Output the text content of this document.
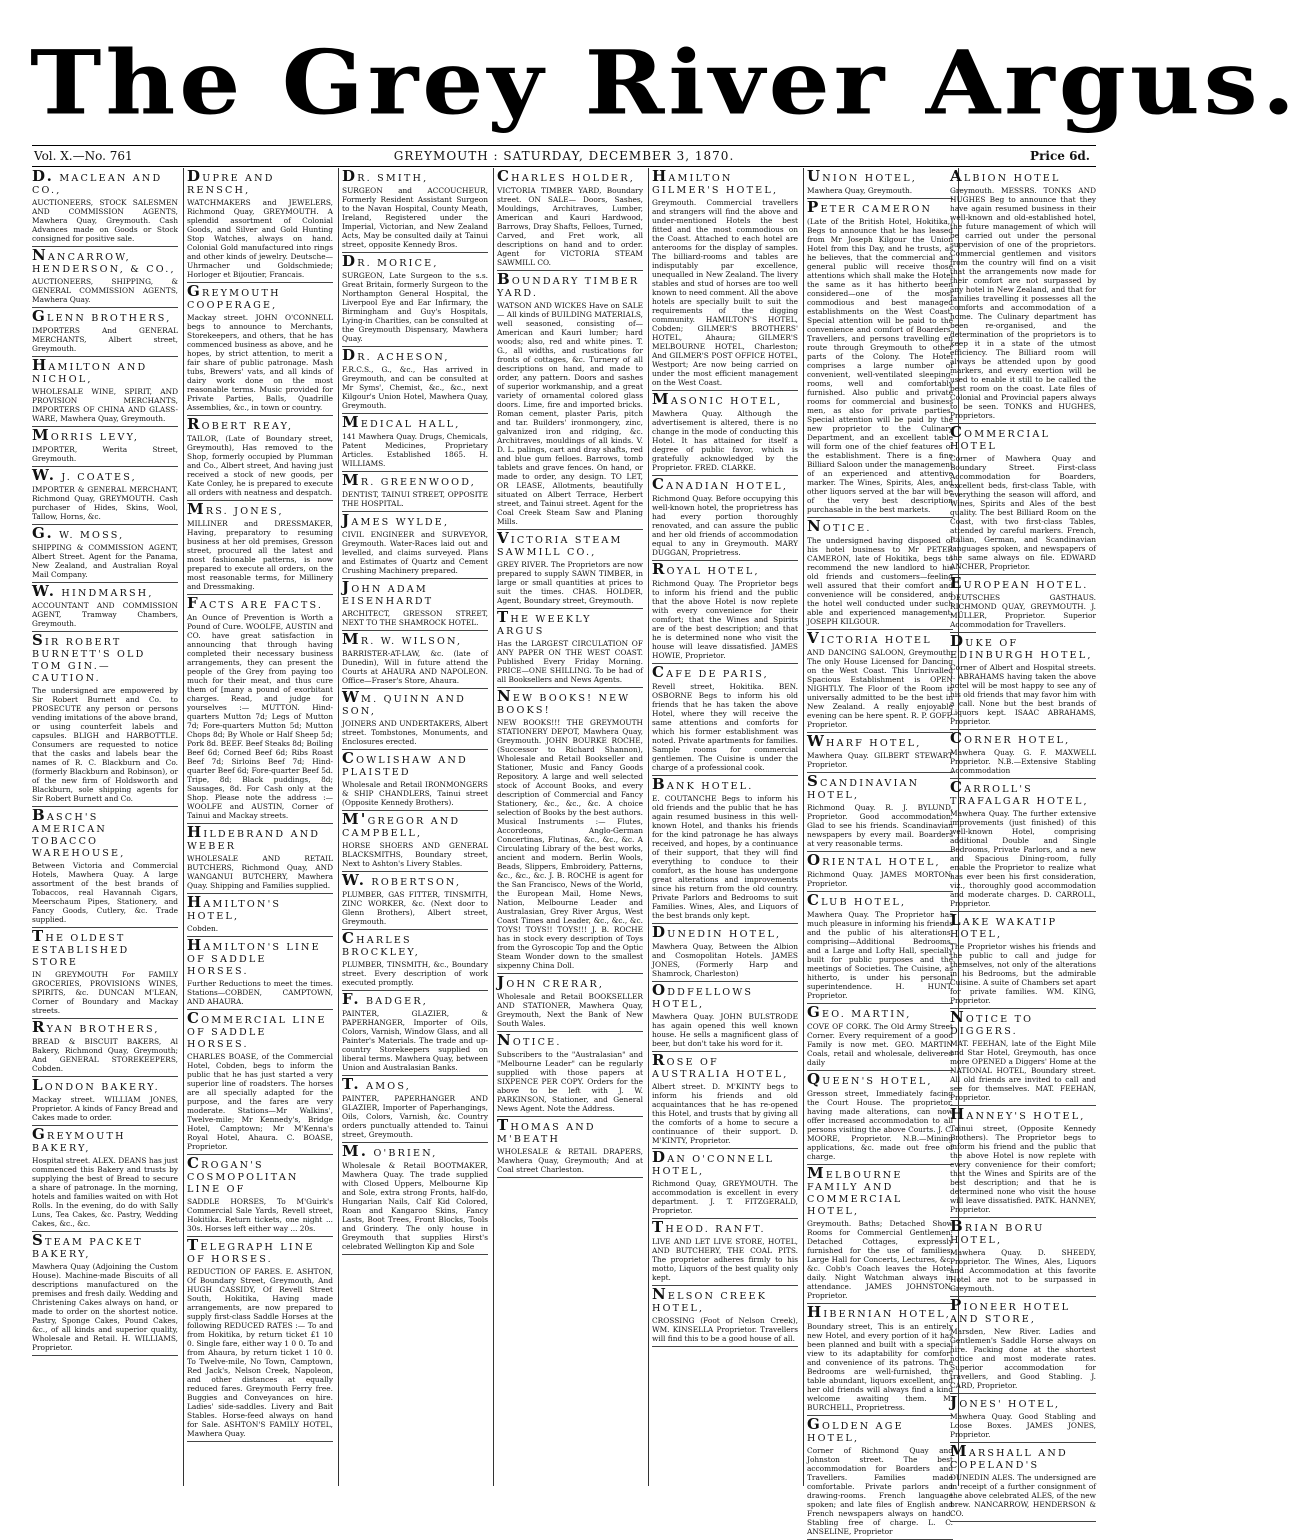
The Grey River Argus.
Vol. X.—No. 761	GREYMOUTH : SATURDAY, DECEMBER 3, 1870.	Price 6d.
D. MACLEAN AND CO.,
AUCTIONEERS, STOCK SALESMEN AND COMMISSION AGENTS, Mawhera Quay, Greymouth. Cash Advances made on Goods or Stock consigned for positive sale.
NANCARROW, HENDERSON, & CO.,
AUCTIONEERS, SHIPPING, & GENERAL COMMISSION AGENTS, Mawhera Quay.
GLENN BROTHERS,
IMPORTERS And GENERAL MERCHANTS, Albert street, Greymouth.
HAMILTON AND NICHOL,
WHOLESALE WINE, SPIRIT, AND PROVISION MERCHANTS, IMPORTERS OF CHINA AND GLASS-WARE, Mawhera Quay, Greymouth.
MORRIS LEVY,
IMPORTER, Werita Street, Greymouth.
W. J. COATES,
IMPORTER & GENERAL MERCHANT, Richmond Quay, GREYMOUTH. Cash purchaser of Hides, Skins, Wool, Tallow, Horns, &c.
G. W. MOSS,
SHIPPING & COMMISSION AGENT, Albert Street. Agent for the Panama, New Zealand, and Australian Royal Mail Company.
W. HINDMARSH,
ACCOUNTANT AND COMMISSION AGENT, Tramway Chambers, Greymouth.
SIR ROBERT BURNETT'S OLD TOM GIN.—CAUTION.
The undersigned are empowered by Sir Robert Burnett and Co. to PROSECUTE any person or persons vending imitations of the above brand, or using counterfeit labels and capsules. BLIGH and HARBOTTLE. Consumers are requested to notice that the casks and labels bear the names of R. C. Blackburn and Co. (formerly Blackburn and Robinson), or of the new firm of Holdsworth and Blackburn, sole shipping agents for Sir Robert Burnett and Co.
BASCH'S AMERICAN TOBACCO WAREHOUSE,
Between Victoria and Commercial Hotels, Mawhera Quay. A large assortment of the best brands of Tobaccos, real Havannah Cigars, Meerschaum Pipes, Stationery, and Fancy Goods, Cutlery, &c. Trade supplied.
THE OLDEST ESTABLISHED STORE
IN GREYMOUTH For FAMILY GROCERIES, PROVISIONS WINES, SPIRITS, &c. DUNCAN M'LEAN, Corner of Boundary and Mackay streets.
RYAN BROTHERS,
BREAD & BISCUIT BAKERS, Al Bakery, Richmond Quay, Greymouth; And GENERAL STOREKEEPERS, Cobden.
LONDON BAKERY.
Mackay street. WILLIAM JONES, Proprietor. A kinds of Fancy Bread and Cakes made to order.
GREYMOUTH BAKERY,
Hospital street. ALEX. DEANS has just commenced this Bakery and trusts by supplying the best of Bread to secure a share of patronage. In the morning, hotels and families waited on with Hot Rolls. In the evening, do do with Sally Luns, Tea Cakes, &c. Pastry, Wedding Cakes, &c., &c.
STEAM PACKET BAKERY,
Mawhera Quay (Adjoining the Custom House). Machine-made Biscuits of all descriptions manufactured on the premises and fresh daily. Wedding and Christening Cakes always on hand, or made to order on the shortest notice. Pastry, Sponge Cakes, Pound Cakes, &c., of all kinds and superior quality, Wholesale and Retail. H. WILLIAMS, Proprietor.
DUPRE AND RENSCH,
WATCHMAKERS and JEWELERS, Richmond Quay, GREYMOUTH. A splendid assortment of Colonial Goods, and Silver and Gold Hunting Stop Watches, always on hand. Colonial Gold manufactured into rings and other kinds of jewelry. Deutsche—Uhrmacher und Goldschmiede; Horloger et Bijoutier, Francais.
GREYMOUTH COOPERAGE,
Mackay street. JOHN O'CONNELL begs to announce to Merchants, Storekeepers, and others, that he has commenced business as above, and he hopes, by strict attention, to merit a fair share of public patronage. Mash tubs, Brewers' vats, and all kinds of dairy work done on the most reasonable terms. Music provided for Private Parties, Balls, Quadrille Assemblies, &c., in town or country.
ROBERT REAY,
TAILOR, (Late of Boundary street, Greymouth), Has removed to the Shop, formerly occupied by Plumman and Co., Albert street, And having just received a stock of new goods, per Kate Conley, he is prepared to execute all orders with neatness and despatch.
MRS. JONES,
MILLINER and DRESSMAKER, Having, preparatory to resuming business at her old premises, Gresson street, procured all the latest and most fashionable patterns, is now prepared to execute all orders, on the most reasonable terms, for Millinery and Dressmaking.
FACTS ARE FACTS.
An Ounce of Prevention is Worth a Pound of Cure. WOOLFE, AUSTIN and CO. have great satisfaction in announcing that through having completed their necessary business arrangements, they can present the people of the Grey from paying too much for their meat, and thus cure them of [many a pound of exorbitant charges. Read, and judge for yourselves :— MUTTON. Hind-quarters Mutton 7d; Legs of Mutton 7d; Fore-quarters Mutton 5d; Mutton Chops 8d; By Whole or Half Sheep 5d; Pork 8d. BEEF. Beef Steaks 8d; Boiling Beef 6d; Corned Beef 6d; Ribs Roast Beef 7d; Sirloins Beef 7d; Hind-quarter Beef 6d; Fore-quarter Beef 5d. Tripe, 8d; Black puddings, 8d; Sausages, 8d. For Cash only at the Shop. Please note the address :— WOOLFE and AUSTIN, Corner of Tainui and Mackay streets.
HILDEBRAND AND WEBER
WHOLESALE AND RETAIL BUTCHERS, Richmond Quay, AND WANGANUI BUTCHERY, Mawhera Quay. Shipping and Families supplied.
HAMILTON'S HOTEL,
Cobden.
HAMILTON'S LINE OF SADDLE HORSES.
Further Reductions to meet the times. Stations—COBDEN, CAMPTOWN, AND AHAURA.
COMMERCIAL LINE OF SADDLE HORSES.
CHARLES BOASE, of the Commercial Hotel, Cobden, begs to inform the public that he has just started a very superior line of roadsters. The horses are all specially adapted for the purpose, and the fares are very moderate. Stations—Mr Walkins', Twelve-mile; Mr Kennedy's, Bridge Hotel, Camptown; Mr M'Kenna's Royal Hotel, Ahaura. C. BOASE, Proprietor.
CROGAN'S COSMOPOLITAN LINE OF
SADDLE HORSES, To M'Guirk's Commercial Sale Yards, Revell street, Hokitika. Return tickets, one night ... 30s. Horses left either way ... 20s.
TELEGRAPH LINE OF HORSES.
REDUCTION OF FARES. E. ASHTON, Of Boundary Street, Greymouth, And HUGH CASSIDY, Of Revell Street South, Hokitika, Having made arrangements, are now prepared to supply first-class Saddle Horses at the following REDUCED RATES :— To and from Hokitika, by return ticket £1 10 0. Single fare, either way 1 0 0. To and from Ahaura, by return ticket 1 10 0. To Twelve-mile, No Town, Camptown, Red Jack's, Nelson Creek, Napoleon, and other distances at equally reduced fares. Greymouth Ferry free. Buggies and Conveyances on hire. Ladies' side-saddles. Livery and Bait Stables. Horse-feed always on hand for Sale. ASHTON'S FAMILY HOTEL, Mawhera Quay.
DR. SMITH,
SURGEON and ACCOUCHEUR, Formerly Resident Assistant Surgeon to the Navan Hospital, County Meath, Ireland, Registered under the Imperial, Victorian, and New Zealand Acts, May be consulted daily at Tainui street, opposite Kennedy Bros.
DR. MORICE,
SURGEON, Late Surgeon to the s.s. Great Britain, formerly Surgeon to the Northampton General Hospital, the Liverpool Eye and Ear Infirmary, the Birmingham and Guy's Hospitals, Lying-in Charities, can be consulted at the Greymouth Dispensary, Mawhera Quay.
DR. ACHESON,
F.R.C.S., G., &c., Has arrived in Greymouth, and can be consulted at Mr Syms', Chemist, &c., &c., next Kilgour's Union Hotel, Mawhera Quay, Greymouth.
MEDICAL HALL,
141 Mawhera Quay. Drugs, Chemicals, Patent Medicines, Proprietary Articles. Established 1865. H. WILLIAMS.
MR. GREENWOOD,
DENTIST, TAINUI STREET, OPPOSITE THE HOSPITAL.
JAMES WYLDE,
CIVIL ENGINEER and SURVEYOR, Greymouth. Water-Races laid out and levelled, and claims surveyed. Plans and Estimates of Quartz and Cement Crushing Machinery prepared.
JOHN ADAM EISENHARDT
ARCHITECT, GRESSON STREET, NEXT TO THE SHAMROCK HOTEL.
MR. W. WILSON,
BARRISTER-AT-LAW, &c. (late of Dunedin), Will in future attend the Courts at AHAURA AND NAPOLEON. Office—Fraser's Store, Ahaura.
WM. QUINN AND SON,
JOINERS AND UNDERTAKERS, Albert street. Tombstones, Monuments, and Enclosures erected.
COWLISHAW AND PLAISTED
Wholesale and Retail IRONMONGERS & SHIP CHANDLERS, Tainui street (Opposite Kennedy Brothers).
M'GREGOR AND CAMPBELL,
HORSE SHOERS AND GENERAL BLACKSMITHS, Boundary street, Next to Ashton's Livery Stables.
W. ROBERTSON,
PLUMBER, GAS FITTER, TINSMITH, ZINC WORKER, &c. (Next door to Glenn Brothers), Albert street, Greymouth.
CHARLES BROCKLEY,
PLUMBER, TINSMITH, &c., Boundary street. Every description of work executed promptly.
F. BADGER,
PAINTER, GLAZIER, & PAPERHANGER, Importer of Oils, Colors, Varnish, Window Glass, and all Painter's Materials. The trade and up-country Storekeepers supplied on liberal terms. Mawhera Quay, between Union and Australasian Banks.
T. AMOS,
PAINTER, PAPERHANGER AND GLAZIER, Importer of Paperhangings, Oils, Colors, Varnish, &c. Country orders punctually attended to. Tainui street, Greymouth.
M. O'BRIEN,
Wholesale & Retail BOOTMAKER, Mawhera Quay. The trade supplied with Closed Uppers, Melbourne Kip and Sole, extra strong Fronts, half-do, Hungarian Nails, Calf Kid Colored, Roan and Kangaroo Skins, Fancy Lasts, Boot Trees, Front Blocks, Tools and Grindery. The only house in Greymouth that supplies Hirst's celebrated Wellington Kip and Sole
CHARLES HOLDER,
VICTORIA TIMBER YARD, Boundary street. ON SALE— Doors, Sashes, Mouldings, Architraves, Lumber, American and Kauri Hardwood, Barrows, Dray Shafts, Felloes, Turned, Carved, and Fret work, all descriptions on hand and to order. Agent for VICTORIA STEAM SAWMILL CO.
BOUNDARY TIMBER YARD.
WATSON AND WICKES Have on SALE— All kinds of BUILDING MATERIALS, well seasoned, consisting of— American and Kauri lumber; hard woods; also, red and white pines. T. G., all widths, and rustications for fronts of cottages, &c. Turnery of all descriptions on hand, and made to order, any pattern. Doors and sashes of superior workmanship, and a great variety of ornamental colored glass doors. Lime, fire and imported bricks. Roman cement, plaster Paris, pitch and tar. Builders' ironmongery, zinc, galvanized iron and ridging, &c. Architraves, mouldings of all kinds. V. D. L. palings, cart and dray shafts, red and blue gum felloes. Barrows, tomb tablets and grave fences. On hand, or made to order, any design. TO LET, OR LEASE, Allotments, beautifully situated on Albert Terrace, Herbert street, and Tainui street. Agent for the Coal Creek Steam Saw and Planing Mills.
VICTORIA STEAM SAWMILL CO.,
GREY RIVER. The Proprietors are now prepared to supply SAWN TIMBER, in large or small quantities at prices to suit the times. CHAS. HOLDER, Agent, Boundary street, Greymouth.
THE WEEKLY ARGUS
Has the LARGEST CIRCULATION OF ANY PAPER ON THE WEST COAST. Published Every Friday Morning. PRICE—ONE SHILLING. To be had of all Booksellers and News Agents.
NEW BOOKS! NEW BOOKS!
NEW BOOKS!!! THE GREYMOUTH STATIONERY DEPOT, Mawhera Quay, Greymouth. JOHN BOURKE ROCHE, (Successor to Richard Shannon), Wholesale and Retail Bookseller and Stationer, Music and Fancy Goods Repository. A large and well selected stock of Account Books, and every description of Commercial and Fancy Stationery, &c., &c., &c. A choice selection of Books by the best authors. Musical Instruments :— Flutes, Accordeons, Anglo-German Concertinas, Flutinas, &c., &c., &c. A Circulating Library of the best works, ancient and modern. Berlin Wools, Beads, Slippers, Embroidery, Patterns, &c., &c., &c. J. B. ROCHE is agent for the San Francisco, News of the World, the European Mail, Home News, Nation, Melbourne Leader and Australasian, Grey River Argus, West Coast Times and Leader, &c., &c., &c. TOYS! TOYS!! TOYS!!! J. B. ROCHE has in stock every description of Toys from the Gyroscopic Top and the Optic Steam Wonder down to the smallest sixpenny China Doll.
JOHN CRERAR,
Wholesale and Retail BOOKSELLER AND STATIONER, Mawhera Quay, Greymouth, Next the Bank of New South Wales.
NOTICE.
Subscribers to the "Australasian" and "Melbourne Leader" can be regularly supplied with those papers at SIXPENCE PER COPY. Orders for the above to be left with J. W. PARKINSON, Stationer, and General News Agent. Note the Address.
THOMAS AND M'BEATH
WHOLESALE & RETAIL DRAPERS, Mawhera Quay, Greymouth; And at Coal street Charleston.
HAMILTON GILMER'S HOTEL,
Greymouth. Commercial travellers and strangers will find the above and under-mentioned Hotels the best fitted and the most commodious on the Coast. Attached to each hotel are anterooms for the display of samples. The billiard-rooms and tables are indisputably par excellence, unequalled in New Zealand. The livery stables and stud of horses are too well known to need comment. All the above hotels are specially built to suit the requirements of the digging community. HAMILTON'S HOTEL, Cobden; GILMER'S BROTHERS' HOTEL, Ahaura; GILMER'S MELBOURNE HOTEL, Charleston; And GILMER'S POST OFFICE HOTEL, Westport; Are now being carried on under the most efficient management on the West Coast.
MASONIC HOTEL,
Mawhera Quay. Although the advertisement is altered, there is no change in the mode of conducting this Hotel. It has attained for itself a degree of public favor, which is gratefully acknowledged by the Proprietor. FRED. CLARKE.
CANADIAN HOTEL,
Richmond Quay. Before occupying this well-known hotel, the proprietress has had every portion thoroughly renovated, and can assure the public and her old friends of accommodation equal to any in Greymouth. MARY DUGGAN, Proprietress.
ROYAL HOTEL,
Richmond Quay. The Proprietor begs to inform his friend and the public that the above Hotel is now replete with every convenience for their comfort; that the Wines and Spirits are of the best description; and that he is determined none who visit the house will leave dissatisfied. JAMES HOWIE, Proprietor.
CAFE DE PARIS,
Revell street, Hokitika. BEN. OSBORNE Begs to inform his old friends that he has taken the above Hotel, where they will receive the same attentions and comforts for which his former establishment was noted. Private apartments for families. Sample rooms for commercial gentlemen. The Cuisine is under the charge of a professional cook.
BANK HOTEL.
E. COUTANCHE Begs to inform his old friends and the public that he has again resumed business in this well-known Hotel, and thanks his friends for the kind patronage he has always received, and hopes, by a continuance of their support, that they will find everything to conduce to their comfort, as the house has undergone great alterations and improvements since his return from the old country. Private Parlors and Bedrooms to suit Families. Wines, Ales, and Liquors of the best brands only kept.
DUNEDIN HOTEL,
Mawhera Quay, Between the Albion and Cosmopolitan Hotels. JAMES JONES, (Formerly Harp and Shamrock, Charleston)
ODDFELLOWS HOTEL,
Mawhera Quay. JOHN BULSTRODE has again opened this well known house. He sells a magnificent glass of beer, but don't take his word for it.
ROSE OF AUSTRALIA HOTEL,
Albert street. D. M'KINTY begs to inform his friends and old acquaintances that he has re-opened this Hotel, and trusts that by giving all the comforts of a home to secure a continuance of their support. D. M'KINTY, Proprietor.
DAN O'CONNELL HOTEL,
Richmond Quay, GREYMOUTH. The accommodation is excellent in every department. J. T. FITZGERALD, Proprietor.
THEOD. RANFT.
LIVE AND LET LIVE STORE, HOTEL, AND BUTCHERY, THE COAL PITS. The proprietor adheres firmly to his motto, Liquors of the best quality only kept.
NELSON CREEK HOTEL,
CROSSING (Foot of Nelson Creek), WM. KINSELLA Proprietor. Travellers will find this to be a good house of all.
UNION HOTEL,
Mawhera Quay, Greymouth.
PETER CAMERON
(Late of the British Hotel, Hokitika,) Begs to announce that he has leased from Mr Joseph Kilgour the Union Hotel from this Day, and he trusts, as he believes, that the commercial and general public will receive those attentions which shall make the Hotel the same as it has hitherto been considered—one of the most commodious and best managed establishments on the West Coast. Special attention will be paid to the convenience and comfort of Boarders, Travellers, and persons travelling en route through Greymouth to other parts of the Colony. The Hotel comprises a large number of convenient, well-ventilated sleeping-rooms, well and comfortably furnished. Also public and private rooms for commercial and business men, as also for private parties. Special attention will be paid by the new proprietor to the Culinary Department, and an excellent table will form one of the chief features of the establishment. There is a fine Billiard Saloon under the management of an experienced and attentive marker. The Wines, Spirits, Ales, and other liquors served at the bar will be of the very best description purchasable in the best markets.
NOTICE.
The undersigned having disposed of his hotel business to Mr PETER CAMERON, late of Hokitika, begs to recommend the new landlord to his old friends and customers—feeling well assured that their comfort and convenience will be considered, and the hotel well conducted under such able and experienced management. JOSEPH KILGOUR.
VICTORIA HOTEL
AND DANCING SALOON, Greymouth. The only House Licensed for Dancing on the West Coast. This Unrivalled Spacious Establishment is OPEN NIGHTLY. The Floor of the Room is universally admitted to be the best in New Zealand. A really enjoyable evening can be here spent. R. P. GOFF, Proprietor.
WHARF HOTEL,
Mawhera Quay. GILBERT STEWART Proprietor.
SCANDINAVIAN HOTEL,
Richmond Quay. R. J. BYLUND, Proprietor. Good accommodation. Glad to see his friends. Scandinavian newspapers by every mail. Boarders at very reasonable terms.
ORIENTAL HOTEL,
Richmond Quay. JAMES MORTON, Proprietor.
CLUB HOTEL,
Mawhera Quay. The Proprietor has much pleasure in informing his friends and the public of his alterations, comprising—Additional Bedrooms, and a Large and Lofty Hall, specially built for public purposes and the meetings of Societies. The Cuisine, as hitherto, is under his personal superintendence. H. HUNT, Proprietor.
GEO. MARTIN,
COVE OF CORK. The Old Army Street Corner. Every requirement of a good Family is now met. GEO. MARTIN Coals, retail and wholesale, delivered daily
QUEEN'S HOTEL,
Gresson street, Immediately facing the Court House. The proprietor, having made alterations, can now offer increased accommodation to all persons visiting the above Courts. J. C. MOORE, Proprietor. N.B.—Mining applications, &c. made out free of charge.
MELBOURNE FAMILY AND COMMERCIAL HOTEL,
Greymouth. Baths; Detached Show Rooms for Commercial Gentlemen; Detached Cottages, expressly furnished for the use of families; Large Hall for Concerts, Lectures, &c. &c. Cobb's Coach leaves the Hotel daily. Night Watchman always in attendance. JAMES JOHNSTON, Proprietor.
HIBERNIAN HOTEL,
Boundary street, This is an entirely new Hotel, and every portion of it has been planned and built with a special view to its adaptability for comfort and convenience of its patrons. The Bedrooms are well-furnished, the table abundant, liquors excellent, and her old friends will always find a kind welcome awaiting them. M. BURCHELL, Proprietress.
GOLDEN AGE HOTEL,
Corner of Richmond Quay and Johnston street. The best accommodation for Boarders and Travellers. Families made comfortable. Private parlors and drawing-rooms. French language spoken; and late files of English and French newspapers always on hand. Stabling free of charge. L. C. ANSELINE, Proprietor
ALBION HOTEL
Greymouth. MESSRS. TONKS AND HUGHES Beg to announce that they have again resumed business in their well-known and old-established hotel, the future management of which will be carried out under the personal supervision of one of the proprietors. Commercial gentlemen and visitors from the country will find on a visit that the arrangements now made for their comfort are not surpassed by any hotel in New Zealand, and that for families travelling it possesses all the comforts and accommodation of a home. The Culinary department has been re-organised, and the determination of the proprietors is to keep it in a state of the utmost efficiency. The Billiard room will always be attended upon by good markers, and every exertion will be used to enable it still to be called the best room on the coast. Late files of Colonial and Provincial papers always to be seen. TONKS and HUGHES, Proprietors.
COMMERCIAL HOTEL
Corner of Mawhera Quay and Boundary Street. First-class Accommodation for Boarders, excellent beds, first-class Table, with everything the season will afford, and Wines, Spirits and Ales of the best quality. The best Billiard Room on the Coast, with two first-class Tables, attended by careful markers. French, Italian, German, and Scandinavian languages spoken, and newspapers of the same always on file. EDWARD ANCHER, Proprietor.
EUROPEAN HOTEL.
DEUTSCHES GASTHAUS. RICHMOND QUAY, GREYMOUTH. J. MÜLLER, Proprietor. Superior Accommodation for Travellers.
DUKE OF EDINBURGH HOTEL,
Corner of Albert and Hospital streets. I. ABRAHAMS having taken the above hotel will be most happy to see any of his old friends that may favor him with a call. None but the best brands of Liquors kept. ISAAC ABRAHAMS, Proprietor.
CORNER HOTEL,
Mawhera Quay. G. F. MAXWELL Proprietor. N.B.—Extensive Stabling Accommodation
CARROLL'S TRAFALGAR HOTEL,
Mawhera Quay. The further extensive improvements (just finished) of this well-known Hotel, comprising additional Double and Single Bedrooms, Private Parlors, and a new and Spacious Dining-room, fully enable the Proprietor to realize what has ever been his first consideration, viz., thoroughly good accommodation and moderate charges. D. CARROLL, Proprietor.
LAKE WAKATIP HOTEL,
The Proprietor wishes his friends and the public to call and judge for themselves, not only of the alterations in his Bedrooms, but the admirable Cuisine. A suite of Chambers set apart for private families. WM. KING, Proprietor.
NOTICE TO DIGGERS.
MAT. FEEHAN, late of the Eight Mile and Star Hotel, Greymouth, has once more OPENED a Diggers' Home at the NATIONAL HOTEL, Boundary street. All old friends are invited to call and see for themselves. MAT. FEEHAN, Proprietor.
HANNEY'S HOTEL,
Tainui street, (Opposite Kennedy Brothers). The Proprietor begs to inform his friend and the public that the above Hotel is now replete with every convenience for their comfort; that the Wines and Spirits are of the best description; and that he is determined none who visit the house will leave dissatisfied. PATK. HANNEY, Proprietor.
BRIAN BORU HOTEL,
Mawhera Quay. D. SHEEDY, Proprietor. The Wines, Ales, Liquors and Accommodation at this favorite Hotel are not to be surpassed in Greymouth.
PIONEER HOTEL AND STORE,
Marsden, New River. Ladies and Gentlemen's Saddle Horse always on hire. Packing done at the shortest notice and most moderate rates. Superior accommodation for travellers, and Good Stabling. J. CARD, Proprietor.
JONES' HOTEL,
Mawhera Quay. Good Stabling and Loose Boxes. JAMES JONES, Proprietor.
MARSHALL AND COPELAND'S
DUNEDIN ALES. The undersigned are in receipt of a further consignment of the above celebrated ALES, of the new brew. NANCARROW, HENDERSON & CO.
